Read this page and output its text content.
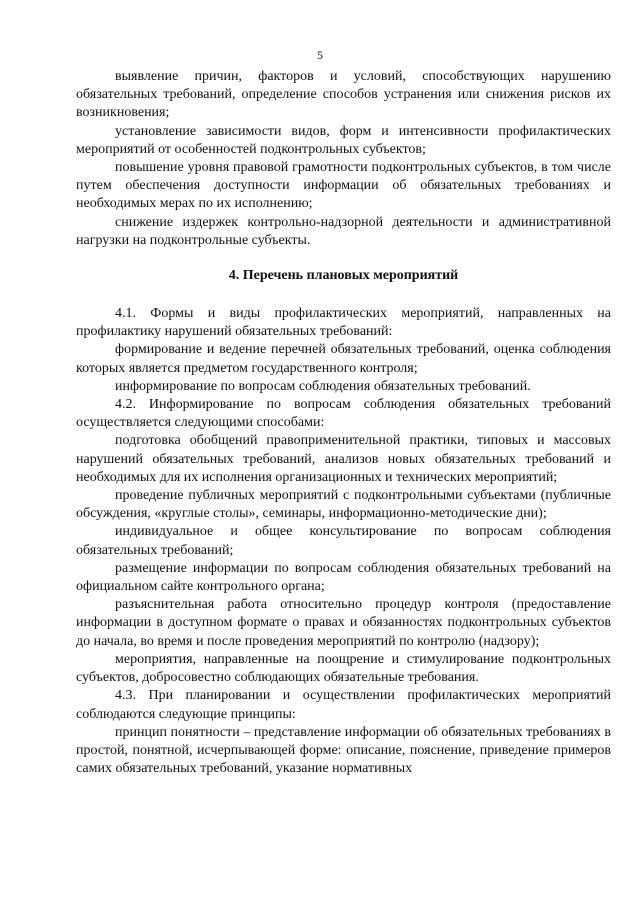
5

выявление причин, факторов и условий, способствующих нарушению обязательных требований, определение способов устранения или снижения рисков их возникновения;

установление зависимости видов, форм и интенсивности профилактических мероприятий от особенностей подконтрольных субъектов;

повышение уровня правовой грамотности подконтрольных субъектов, в том числе путем обеспечения доступности информации об обязательных требованиях и необходимых мерах по их исполнению;

снижение издержек контрольно-надзорной деятельности и административной нагрузки на подконтрольные субъекты.

4. Перечень плановых мероприятий

4.1. Формы и виды профилактических мероприятий, направленных на профилактику нарушений обязательных требований:

формирование и ведение перечней обязательных требований, оценка соблюдения которых является предметом государственного контроля;

информирование по вопросам соблюдения обязательных требований.

4.2. Информирование по вопросам соблюдения обязательных требований осуществляется следующими способами:

подготовка обобщений правоприменительной практики, типовых и массовых нарушений обязательных требований, анализов новых обязательных требований и необходимых для их исполнения организационных и технических мероприятий;

проведение публичных мероприятий с подконтрольными субъектами (публичные обсуждения, «круглые столы», семинары, информационно-методические дни);

индивидуальное и общее консультирование по вопросам соблюдения обязательных требований;

размещение информации по вопросам соблюдения обязательных требований на официальном сайте контрольного органа;

разъяснительная работа относительно процедур контроля (предоставление информации в доступном формате о правах и обязанностях подконтрольных субъектов до начала, во время и после проведения мероприятий по контролю (надзору);

мероприятия, направленные на поощрение и стимулирование подконтрольных субъектов, добросовестно соблюдающих обязательные требования.

4.3. При планировании и осуществлении профилактических мероприятий соблюдаются следующие принципы:

принцип понятности – представление информации об обязательных требованиях в простой, понятной, исчерпывающей форме: описание, пояснение, приведение примеров самих обязательных требований, указание нормативных
